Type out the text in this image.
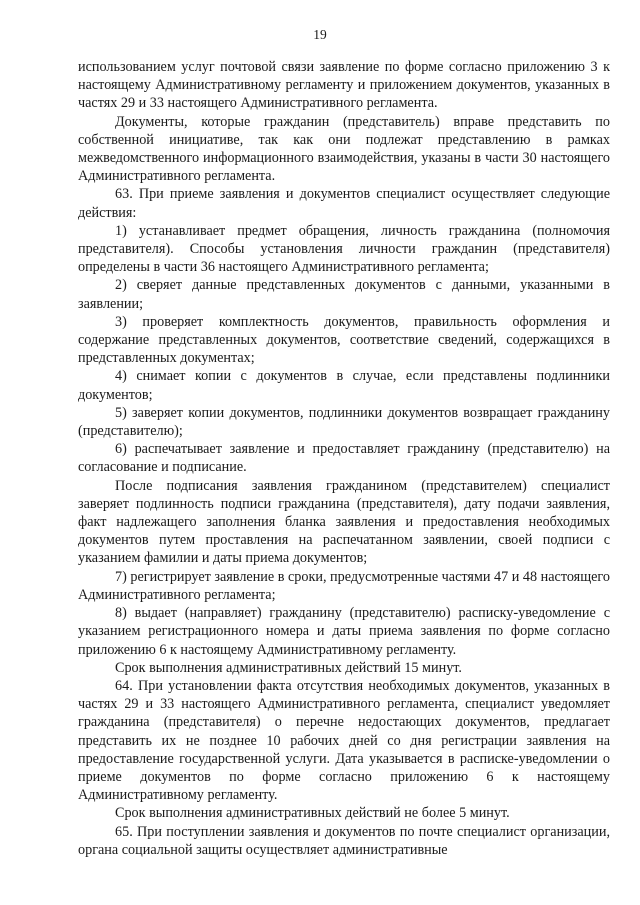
19

использованием услуг почтовой связи заявление по форме согласно приложению 3 к настоящему Административному регламенту и приложением документов, указанных в частях 29 и 33 настоящего Административного регламента.

Документы, которые гражданин (представитель) вправе представить по собственной инициативе, так как они подлежат представлению в рамках межведомственного информационного взаимодействия, указаны в части 30 настоящего Административного регламента.

63. При приеме заявления и документов специалист осуществляет следующие действия:

1) устанавливает предмет обращения, личность гражданина (полномочия представителя). Способы установления личности гражданин (представителя) определены в части 36 настоящего Административного регламента;

2) сверяет данные представленных документов с данными, указанными в заявлении;

3) проверяет комплектность документов, правильность оформления и содержание представленных документов, соответствие сведений, содержащихся в представленных документах;

4) снимает копии с документов в случае, если представлены подлинники документов;

5) заверяет копии документов, подлинники документов возвращает гражданину (представителю);

6) распечатывает заявление и предоставляет гражданину (представителю) на согласование и подписание.

После подписания заявления гражданином (представителем) специалист заверяет подлинность подписи гражданина (представителя), дату подачи заявления, факт надлежащего заполнения бланка заявления и предоставления необходимых документов путем проставления на распечатанном заявлении, своей подписи с указанием фамилии и даты приема документов;

7) регистрирует заявление в сроки, предусмотренные частями 47 и 48 настоящего Административного регламента;

8) выдает (направляет) гражданину (представителю) расписку-уведомление с указанием регистрационного номера и даты приема заявления по форме согласно приложению 6 к настоящему Административному регламенту.

Срок выполнения административных действий 15 минут.

64. При установлении факта отсутствия необходимых документов, указанных в частях 29 и 33 настоящего Административного регламента, специалист уведомляет гражданина (представителя) о перечне недостающих документов, предлагает представить их не позднее 10 рабочих дней со дня регистрации заявления на предоставление государственной услуги. Дата указывается в расписке-уведомлении о приеме документов по форме согласно приложению 6 к настоящему Административному регламенту.

Срок выполнения административных действий не более 5 минут.

65. При поступлении заявления и документов по почте специалист организации, органа социальной защиты осуществляет административные
